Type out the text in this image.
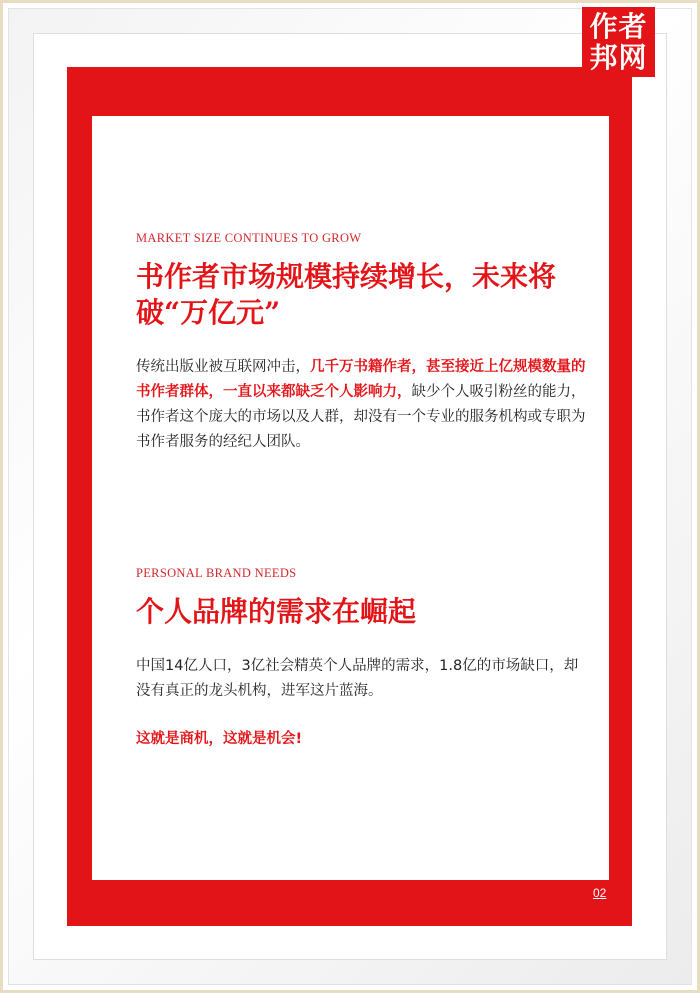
作者
邦网
MARKET SIZE CONTINUES TO GROW
书作者市场规模持续增长，未来将破“万亿元”

传统出版业被互联网冲击，几千万书籍作者，甚至接近上亿规模数量的书作者群体，一直以来都缺乏个人影响力，缺少个人吸引粉丝的能力，书作者这个庞大的市场以及人群，却没有一个专业的服务机构或专职为书作者服务的经纪人团队。

PERSONAL BRAND NEEDS
个人品牌的需求在崛起

中国14亿人口，3亿社会精英个人品牌的需求，1.8亿的市场缺口，却没有真正的龙头机构，进军这片蓝海。

这就是商机，这就是机会!
02
